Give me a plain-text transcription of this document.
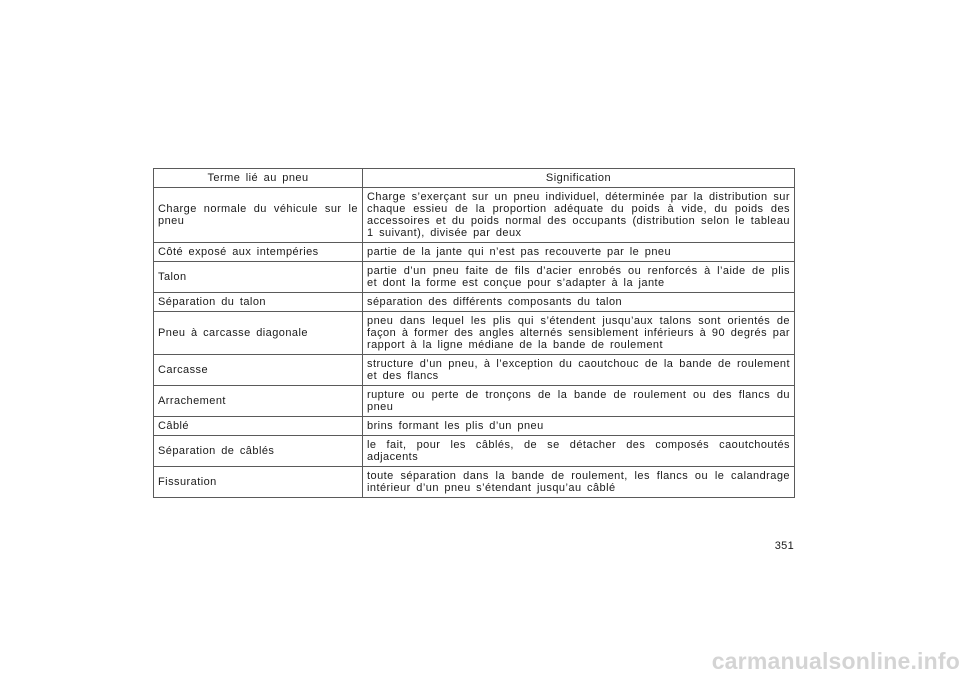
Terme lié au pneu	Signification
Charge normale du véhicule sur le pneu	Charge s’exerçant sur un pneu individuel, déterminée par la distribution sur chaque essieu de la proportion adéquate du poids à vide, du poids des accessoires et du poids normal des occupants (distribution selon le tableau 1 suivant), divisée par deux
Côté exposé aux intempéries	partie de la jante qui n’est pas recouverte par le pneu
Talon	partie d’un pneu faite de fils d’acier enrobés ou renforcés à l’aide de plis et dont la forme est conçue pour s’adapter à la jante
Séparation du talon	séparation des différents composants du talon
Pneu à carcasse diagonale	pneu dans lequel les plis qui s’étendent jusqu’aux talons sont orientés de façon à former des angles alternés sensiblement inférieurs à 90 degrés par rapport à la ligne médiane de la bande de roulement
Carcasse	structure d’un pneu, à l’exception du caoutchouc de la bande de roulement et des flancs
Arrachement	rupture ou perte de tronçons de la bande de roulement ou des flancs du pneu
Câblé	brins formant les plis d’un pneu
Séparation de câblés	le fait, pour les câblés, de se détacher des composés caoutchoutés adjacents
Fissuration	toute séparation dans la bande de roulement, les flancs ou le calandrage intérieur d’un pneu s’étendant jusqu’au câblé
351
carmanualsonline.info
